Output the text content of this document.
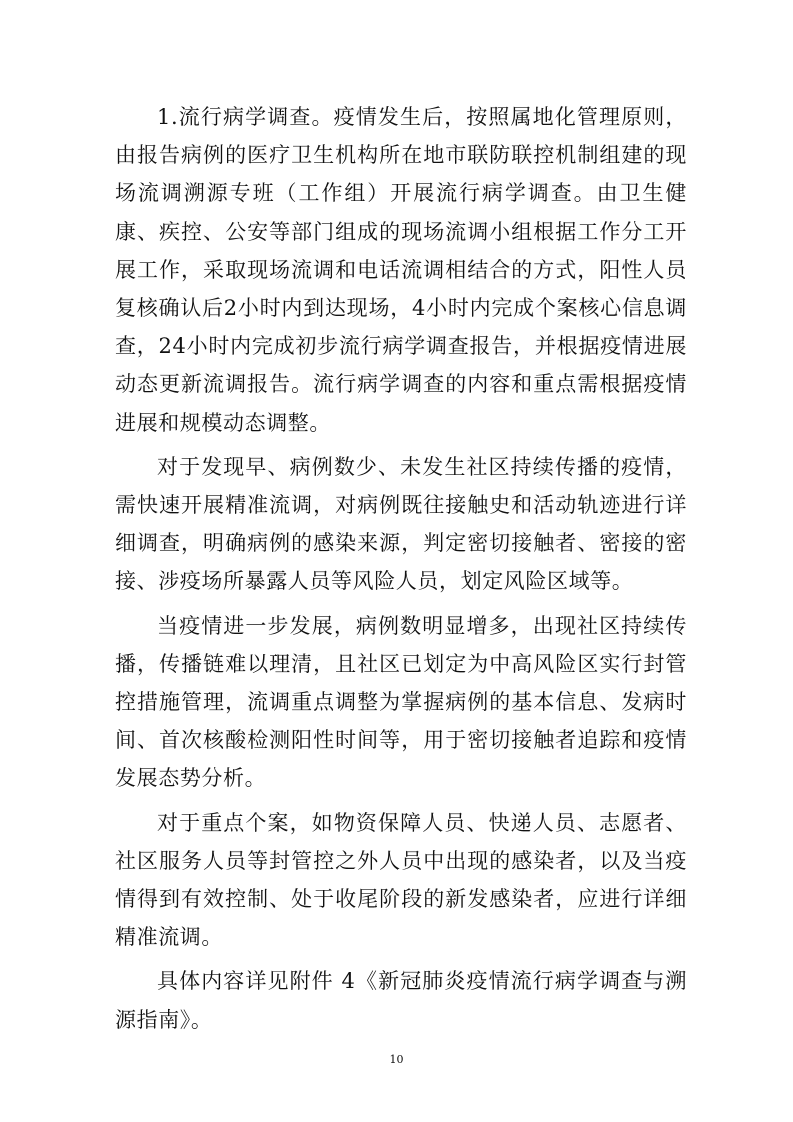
1.流行病学调查。疫情发生后，按照属地化管理原则，由报告病例的医疗卫生机构所在地市联防联控机制组建的现场流调溯源专班（工作组）开展流行病学调查。由卫生健康、疾控、公安等部门组成的现场流调小组根据工作分工开展工作，采取现场流调和电话流调相结合的方式，阳性人员复核确认后2小时内到达现场，4小时内完成个案核心信息调查，24小时内完成初步流行病学调查报告，并根据疫情进展动态更新流调报告。流行病学调查的内容和重点需根据疫情进展和规模动态调整。

对于发现早、病例数少、未发生社区持续传播的疫情，需快速开展精准流调，对病例既往接触史和活动轨迹进行详细调查，明确病例的感染来源，判定密切接触者、密接的密接、涉疫场所暴露人员等风险人员，划定风险区域等。

当疫情进一步发展，病例数明显增多，出现社区持续传播，传播链难以理清，且社区已划定为中高风险区实行封管控措施管理，流调重点调整为掌握病例的基本信息、发病时间、首次核酸检测阳性时间等，用于密切接触者追踪和疫情发展态势分析。

对于重点个案，如物资保障人员、快递人员、志愿者、社区服务人员等封管控之外人员中出现的感染者，以及当疫情得到有效控制、处于收尾阶段的新发感染者，应进行详细精准流调。

具体内容详见附件 4《新冠肺炎疫情流行病学调查与溯源指南》。

10
